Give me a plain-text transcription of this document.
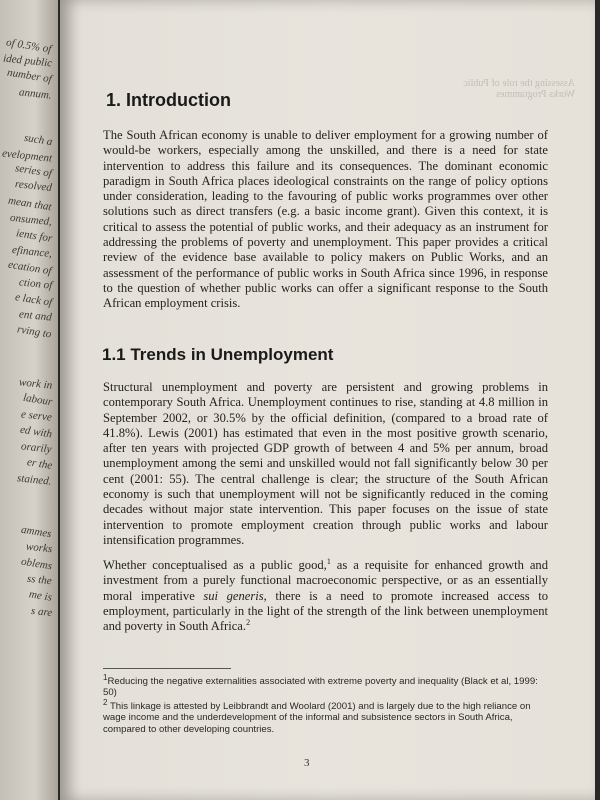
of 0.5% of
ided public
number of
annum.
such a
evelopment
series of
resolved
mean that
onsumed,
ients for
efinance,
ecation of
ction of
e lack of
ent and
rving to
work in
labour
e serve
ed with
orarily
er the
stained.
ammes
works
oblems
ss the
me is
s are
Assessing the role of Public Works Programmes
1. Introduction
The South African economy is unable to deliver employment for a growing number of would-be workers, especially among the unskilled, and there is a need for state intervention to address this failure and its consequences. The dominant economic paradigm in South Africa places ideological constraints on the range of policy options under consideration, leading to the favouring of public works programmes over other solutions such as direct transfers (e.g. a basic income grant). Given this context, it is critical to assess the potential of public works, and their adequacy as an instrument for addressing the problems of poverty and unemployment. This paper provides a critical review of the evidence base available to policy makers on Public Works, and an assessment of the performance of public works in South Africa since 1996, in response to the question of whether public works can offer a significant response to the South African employment crisis.
1.1 Trends in Unemployment
Structural unemployment and poverty are persistent and growing problems in contemporary South Africa. Unemployment continues to rise, standing at 4.8 million in September 2002, or 30.5% by the official definition, (compared to a broad rate of 41.8%). Lewis (2001) has estimated that even in the most positive growth scenario, after ten years with projected GDP growth of between 4 and 5% per annum, broad unemployment among the semi and unskilled would not fall significantly below 30 per cent (2001: 55). The central challenge is clear; the structure of the South African economy is such that unemployment will not be significantly reduced in the coming decades without major state intervention. This paper focuses on the issue of state intervention to promote employment creation through public works and labour intensification programmes.
Whether conceptualised as a public good,$^1$ as a requisite for enhanced growth and investment from a purely functional macroeconomic perspective, or as an essentially moral imperative sui generis, there is a need to promote increased access to employment, particularly in the light of the strength of the link between unemployment and poverty in South Africa.$^2$
$^1$Reducing the negative externalities associated with extreme poverty and inequality (Black et al, 1999: 50)
$^2$ This linkage is attested by Leibbrandt and Woolard (2001) and is largely due to the high reliance on wage income and the underdevelopment of the informal and subsistence sectors in South Africa, compared to other developing countries.
3
